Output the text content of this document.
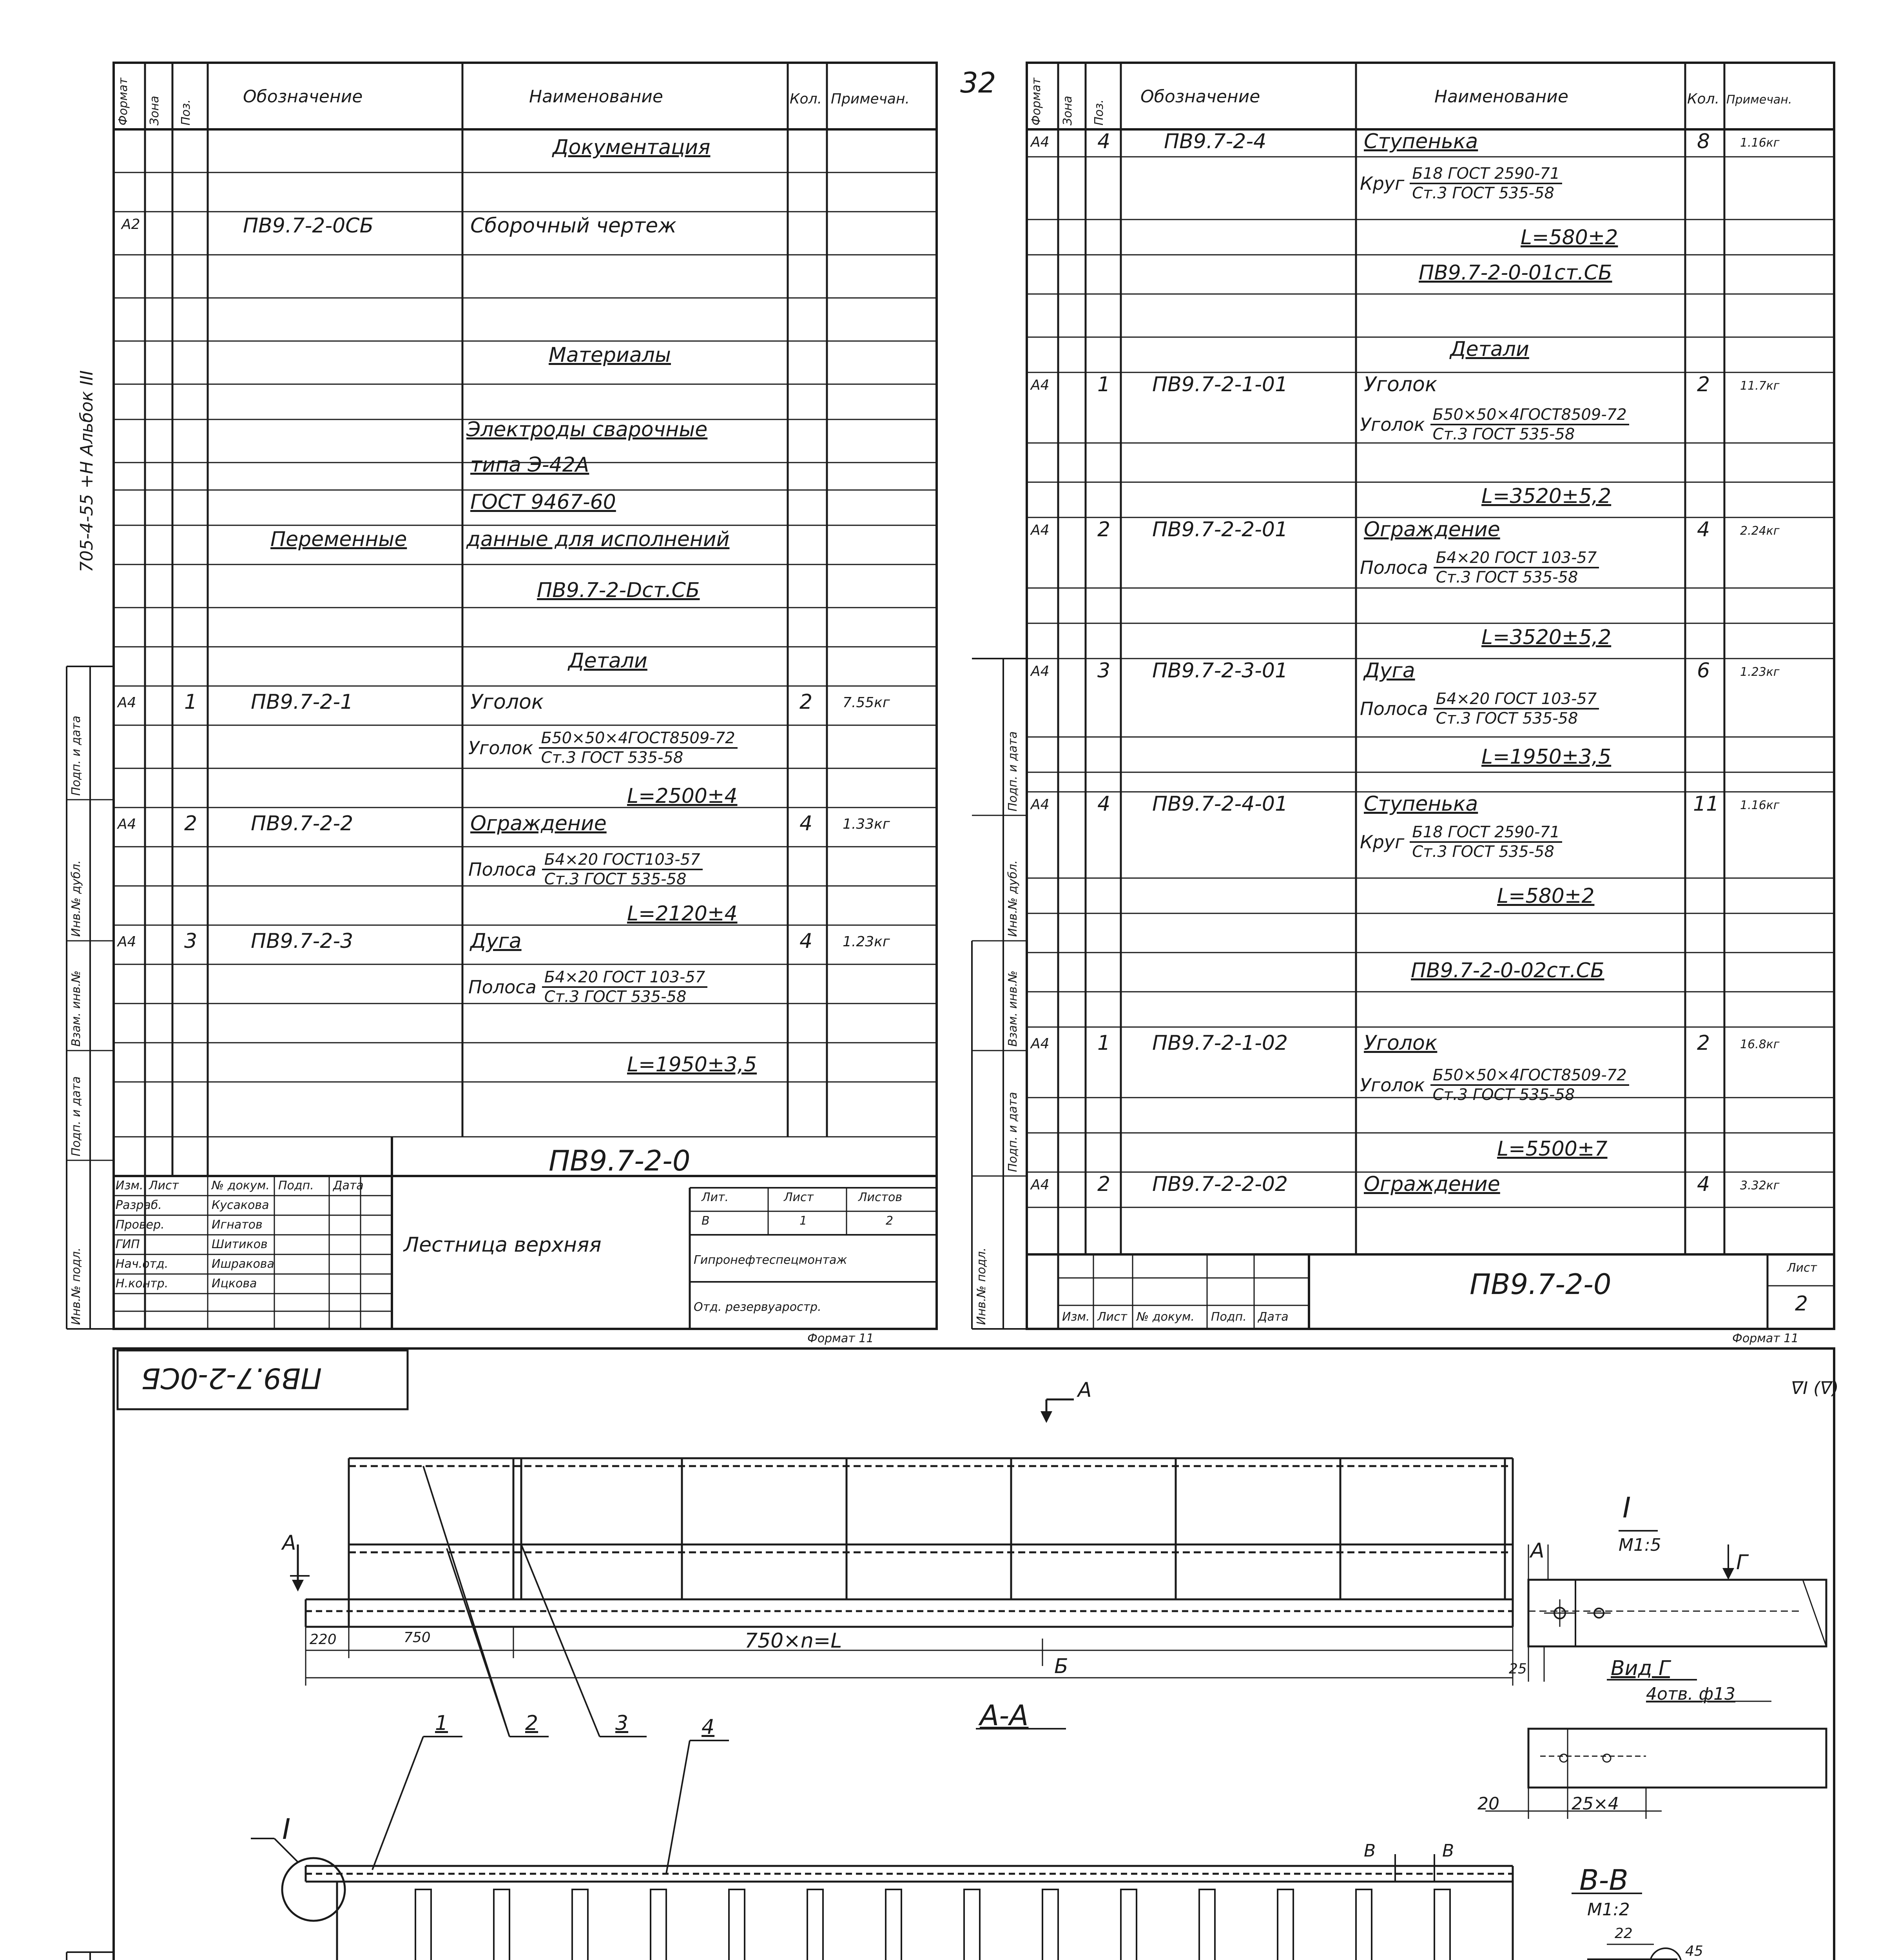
32
ᐁI (ᐁ)
705-4-55 +H Альбок III
Формат Зона Поз.
Обозначение	Наименование	Кол. Примечан.
Документация
А2	ПВ9.7-2-0СБ	Сборочный чертеж
Материалы
Электроды сварочные
типа Э-42А
ГОСТ 9467-60
Переменные	данные для исполнений
ПВ9.7-2-Dст.СБ
Детали
А4 1	ПВ9.7-2-1	Уголок	2 7.55кг
Уголок Б50×50×4ГОСТ8509-72
Ст.3 ГОСТ 535-58
L=2500±4
А4 2	ПВ9.7-2-2	Ограждение	4 1.33кг
Полоса Б4×20 ГОСТ103-57
Ст.3 ГОСТ 535-58
L=2120±4
А4 3	ПВ9.7-2-3	Дуга	4 1.23кг
Полоса Б4×20 ГОСТ 103-57
Ст.3 ГОСТ 535-58
L=1950±3,5
ПВ9.7-2-0
Лестница верхняя
Лит.	Лист	Листов
В	1	2
Гипронефтеспецмонтаж
Отд. резервуаростр.
Формат 11
Изм. Лист	№ докум. Подп. Дата
Разраб.	Кусакова
Провер.	Игнатов
ГИП	Шитиков
Нач.отд.	Ишракова
Н.контр.	Ицкова
Инв.№ подл.
Подп. и дата
Взам. инв.№
Инв.№ дубл.
Подп. и дата
Формат Зона Поз.
Обозначение	Наименование	Кол. Примечан.
А4 4	ПВ9.7-2-4	Ступенька	8	1.16кг
Круг Б18 ГОСТ 2590-71
Ст.3 ГОСТ 535-58
L=580±2
ПВ9.7-2-0-01ст.СБ
Детали
А4 1 ПВ9.7-2-1-01	Уголок	2	11.7кг
Уголок Б50×50×4ГОСТ8509-72
Ст.3 ГОСТ 535-58
L=3520±5,2
А4 2 ПВ9.7-2-2-01	Ограждение	4	2.24кг
Полоса Б4×20 ГОСТ 103-57
Ст.3 ГОСТ 535-58
L=3520±5,2
А4 3 ПВ9.7-2-3-01	Дуга	6	1.23кг
Полоса Б4×20 ГОСТ 103-57
Ст.3 ГОСТ 535-58
L=1950±3,5
А4 4 ПВ9.7-2-4-01	Ступенька	11 1.16кг
Круг Б18 ГОСТ 2590-71
Ст.3 ГОСТ 535-58
L=580±2
ПВ9.7-2-0-02ст.СБ
А4 1 ПВ9.7-2-1-02	Уголок	2	16.8кг
Уголок Б50×50×4ГОСТ8509-72
Ст.3 ГОСТ 535-58
L=5500±7
А4 2 ПВ9.7-2-2-02	Ограждение	4	3.32кг
ПВ9.7-2-0	Лист
2
Формат 11
Изм. Лист № докум. Подп. Дата
Инв.№ подл.
Подп. и дата
Взам. инв.№
Инв.№ дубл.
Подп. и дата
ПВ9.7-2-0СБ	А
А
220	750	750×n=L
Б
I
М1:5
Г
А
25	Вид Г
4отв. ф13
20	25×4
I
1	2	3	4	А-А
В	В
В-В
М1:2
22
45
